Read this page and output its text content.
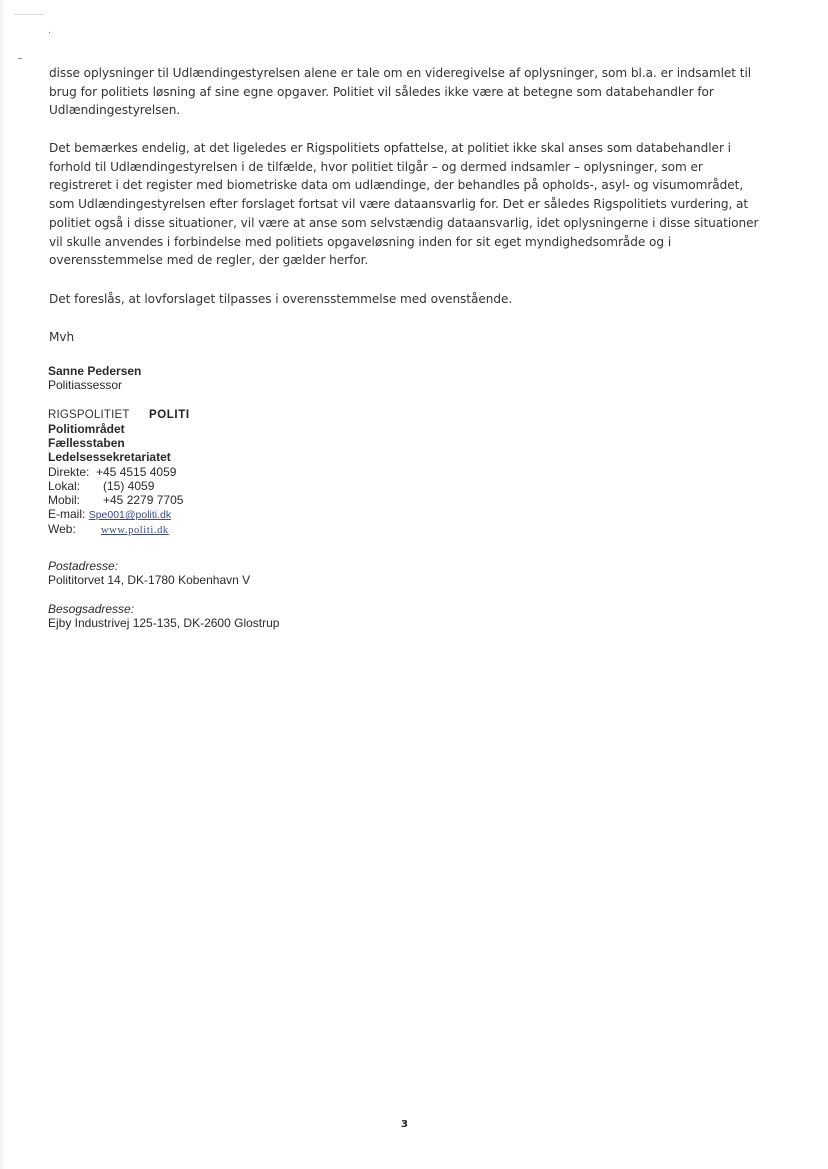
.
disse oplysninger til Udlændingestyrelsen alene er tale om en videregivelse af oplysninger, som bl.a. er indsamlet til
brug for politiets løsning af sine egne opgaver. Politiet vil således ikke være at betegne som databehandler for
Udlændingestyrelsen.
Det bemærkes endelig, at det ligeledes er Rigspolitiets opfattelse, at politiet ikke skal anses som databehandler i
forhold til Udlændingestyrelsen i de tilfælde, hvor politiet tilgår – og dermed indsamler – oplysninger, som er
registreret i det register med biometriske data om udlændinge, der behandles på opholds-, asyl- og visumområdet,
som Udlændingestyrelsen efter forslaget fortsat vil være dataansvarlig for. Det er således Rigspolitiets vurdering, at
politiet også i disse situationer, vil være at anse som selvstændig dataansvarlig, idet oplysningerne i disse situationer
vil skulle anvendes i forbindelse med politiets opgaveløsning inden for sit eget myndighedsområde og i
overensstemmelse med de regler, der gælder herfor.
Det foreslås, at lovforslaget tilpasses i overensstemmelse med ovenstående.
Mvh
Sanne Pedersen
Politiassessor
RIGSPOLITIET POLITI
Politiområdet
Fællesstaben
Ledelsessekretariatet
Direkte: +45 4515 4059
Lokal: (15) 4059
Mobil: +45 2279 7705
E-mail: Spe001@politi.dk
Web: www.politi.dk
Postadresse:
Polititorvet 14, DK-1780 Kobenhavn V
Besogsadresse:
Ejby Industrivej 125-135, DK-2600 Glostrup
3
